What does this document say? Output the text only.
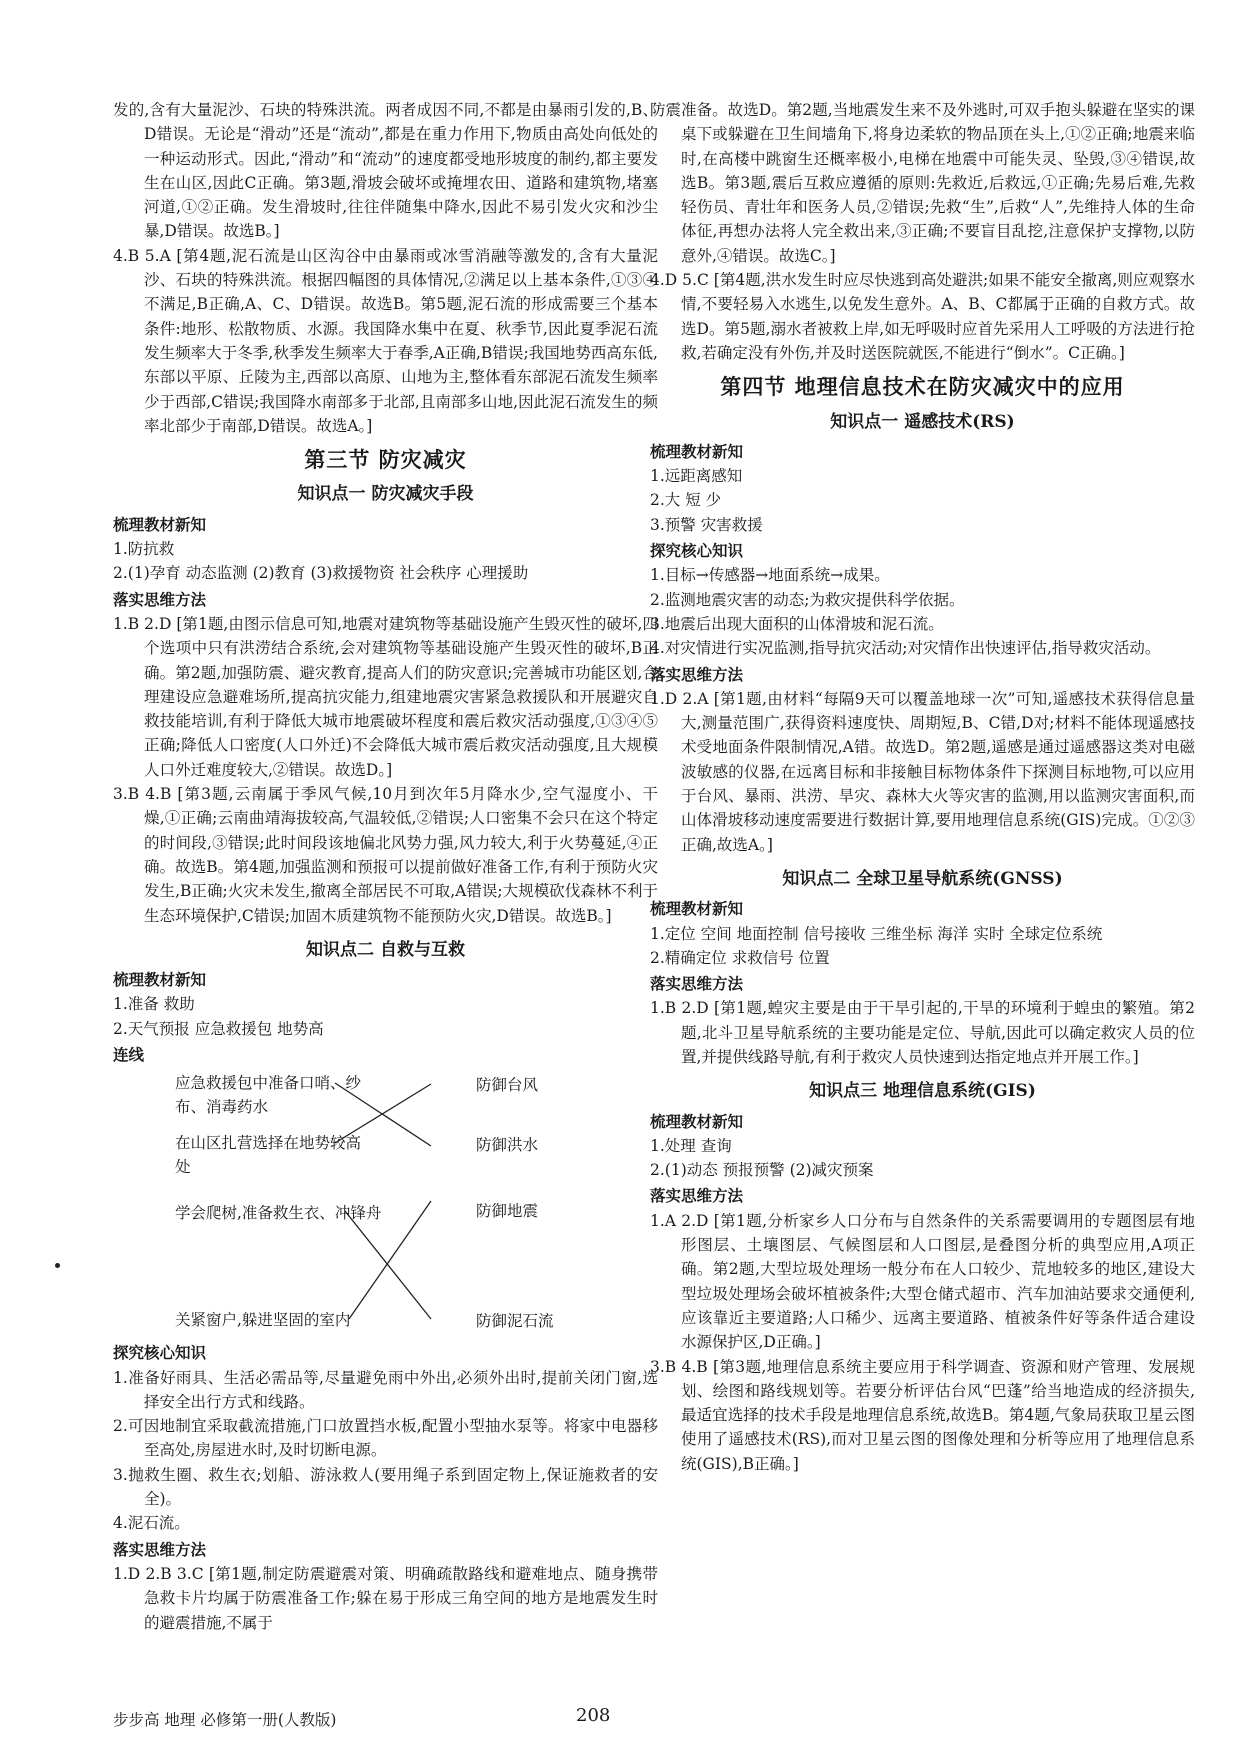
发的,含有大量泥沙、石块的特殊洪流。两者成因不同,不都是由暴雨引发的,B、D错误。无论是“滑动”还是“流动”,都是在重力作用下,物质由高处向低处的一种运动形式。因此,“滑动”和“流动”的速度都受地形坡度的制约,都主要发生在山区,因此C正确。第3题,滑坡会破坏或掩埋农田、道路和建筑物,堵塞河道,①②正确。发生滑坡时,往往伴随集中降水,因此不易引发火灾和沙尘暴,D错误。故选B。]
4.B 5.A [第4题,泥石流是山区沟谷中由暴雨或冰雪消融等激发的,含有大量泥沙、石块的特殊洪流。根据四幅图的具体情况,②满足以上基本条件,①③④不满足,B正确,A、C、D错误。故选B。第5题,泥石流的形成需要三个基本条件:地形、松散物质、水源。我国降水集中在夏、秋季节,因此夏季泥石流发生频率大于冬季,秋季发生频率大于春季,A正确,B错误;我国地势西高东低,东部以平原、丘陵为主,西部以高原、山地为主,整体看东部泥石流发生频率少于西部,C错误;我国降水南部多于北部,且南部多山地,因此泥石流发生的频率北部少于南部,D错误。故选A。]
第三节 防灾减灾
知识点一 防灾减灾手段
梳理教材新知
1.防抗救
2.(1)孕育 动态监测 (2)教育 (3)救援物资 社会秩序 心理援助
落实思维方法
1.B 2.D [第1题,由图示信息可知,地震对建筑物等基础设施产生毁灭性的破坏,四个选项中只有洪涝结合系统,会对建筑物等基础设施产生毁灭性的破坏,B正确。第2题,加强防震、避灾教育,提高人们的防灾意识;完善城市功能区划,合理建设应急避难场所,提高抗灾能力,组建地震灾害紧急救援队和开展避灾自救技能培训,有利于降低大城市地震破坏程度和震后救灾活动强度,①③④⑤正确;降低人口密度(人口外迁)不会降低大城市震后救灾活动强度,且大规模人口外迁难度较大,②错误。故选D。]
3.B 4.B [第3题,云南属于季风气候,10月到次年5月降水少,空气湿度小、干燥,①正确;云南曲靖海拔较高,气温较低,②错误;人口密集不会只在这个特定的时间段,③错误;此时间段该地偏北风势力强,风力较大,利于火势蔓延,④正确。故选B。第4题,加强监测和预报可以提前做好准备工作,有利于预防火灾发生,B正确;火灾未发生,撤离全部居民不可取,A错误;大规模砍伐森林不利于生态环境保护,C错误;加固木质建筑物不能预防火灾,D错误。故选B。]
知识点二 自救与互救
梳理教材新知
1.准备 救助
2.天气预报 应急救援包 地势高
连线
应急救援包中准备口哨、纱布、消毒药水
在山区扎营选择在地势较高处
学会爬树,准备救生衣、冲锋舟
关紧窗户,躲进坚固的室内
防御台风
防御洪水
防御地震
防御泥石流
探究核心知识
1.准备好雨具、生活必需品等,尽量避免雨中外出,必须外出时,提前关闭门窗,选择安全出行方式和线路。
2.可因地制宜采取截流措施,门口放置挡水板,配置小型抽水泵等。将家中电器移至高处,房屋进水时,及时切断电源。
3.抛救生圈、救生衣;划船、游泳救人(要用绳子系到固定物上,保证施救者的安全)。
4.泥石流。
落实思维方法
1.D 2.B 3.C [第1题,制定防震避震对策、明确疏散路线和避难地点、随身携带急救卡片均属于防震准备工作;躲在易于形成三角空间的地方是地震发生时的避震措施,不属于
防震准备。故选D。第2题,当地震发生来不及外逃时,可双手抱头躲避在坚实的课桌下或躲避在卫生间墙角下,将身边柔软的物品顶在头上,①②正确;地震来临时,在高楼中跳窗生还概率极小,电梯在地震中可能失灵、坠毁,③④错误,故选B。第3题,震后互救应遵循的原则:先救近,后救远,①正确;先易后难,先救轻伤员、青壮年和医务人员,②错误;先救“生”,后救“人”,先维持人体的生命体征,再想办法将人完全救出来,③正确;不要盲目乱挖,注意保护支撑物,以防意外,④错误。故选C。]
4.D 5.C [第4题,洪水发生时应尽快逃到高处避洪;如果不能安全撤离,则应观察水情,不要轻易入水逃生,以免发生意外。A、B、C都属于正确的自救方式。故选D。第5题,溺水者被救上岸,如无呼吸时应首先采用人工呼吸的方法进行抢救,若确定没有外伤,并及时送医院就医,不能进行“倒水”。C正确。]
第四节 地理信息技术在防灾减灾中的应用
知识点一 遥感技术(RS)
梳理教材新知
1.远距离感知
2.大 短 少
3.预警 灾害救援
探究核心知识
1.目标→传感器→地面系统→成果。
2.监测地震灾害的动态;为救灾提供科学依据。
3.地震后出现大面积的山体滑坡和泥石流。
4.对灾情进行实况监测,指导抗灾活动;对灾情作出快速评估,指导救灾活动。
落实思维方法
1.D 2.A [第1题,由材料“每隔9天可以覆盖地球一次”可知,遥感技术获得信息量大,测量范围广,获得资料速度快、周期短,B、C错,D对;材料不能体现遥感技术受地面条件限制情况,A错。故选D。第2题,遥感是通过遥感器这类对电磁波敏感的仪器,在远离目标和非接触目标物体条件下探测目标地物,可以应用于台风、暴雨、洪涝、旱灾、森林大火等灾害的监测,用以监测灾害面积,而山体滑坡移动速度需要进行数据计算,要用地理信息系统(GIS)完成。①②③正确,故选A。]
知识点二 全球卫星导航系统(GNSS)
梳理教材新知
1.定位 空间 地面控制 信号接收 三维坐标 海洋 实时 全球定位系统
2.精确定位 求救信号 位置
落实思维方法
1.B 2.D [第1题,蝗灾主要是由于干旱引起的,干旱的环境利于蝗虫的繁殖。第2题,北斗卫星导航系统的主要功能是定位、导航,因此可以确定救灾人员的位置,并提供线路导航,有利于救灾人员快速到达指定地点并开展工作。]
知识点三 地理信息系统(GIS)
梳理教材新知
1.处理 查询
2.(1)动态 预报预警 (2)减灾预案
落实思维方法
1.A 2.D [第1题,分析家乡人口分布与自然条件的关系需要调用的专题图层有地形图层、土壤图层、气候图层和人口图层,是叠图分析的典型应用,A项正确。第2题,大型垃圾处理场一般分布在人口较少、荒地较多的地区,建设大型垃圾处理场会破坏植被条件;大型仓储式超市、汽车加油站要求交通便利,应该靠近主要道路;人口稀少、远离主要道路、植被条件好等条件适合建设水源保护区,D正确。]
3.B 4.B [第3题,地理信息系统主要应用于科学调查、资源和财产管理、发展规划、绘图和路线规划等。若要分析评估台风“巴蓬”给当地造成的经济损失,最适宜选择的技术手段是地理信息系统,故选B。第4题,气象局获取卫星云图使用了遥感技术(RS),而对卫星云图的图像处理和分析等应用了地理信息系统(GIS),B正确。]
步步高 地理 必修第一册(人教版)	208
